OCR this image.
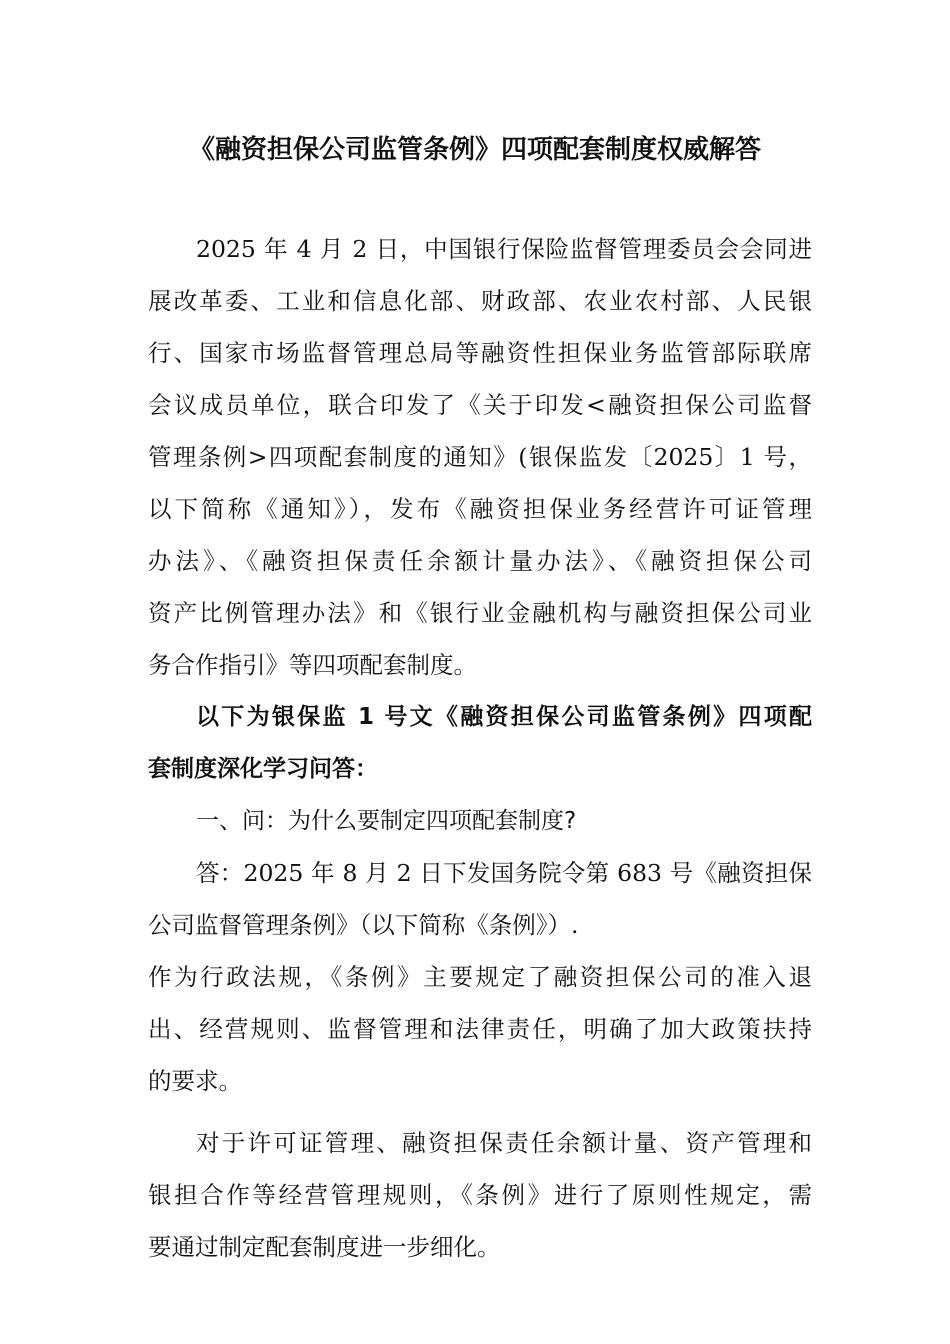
《融资担保公司监管条例》四项配套制度权威解答
2025 年 4 月 2 日，中国银行保险监督管理委员会会同进
展改革委、工业和信息化部、财政部、农业农村部、人民银
行、国家市场监督管理总局等融资性担保业务监管部际联席
会议成员单位，联合印发了《关于印发<融资担保公司监督
管理条例>四项配套制度的通知》(银保监发〔2025〕1 号，
以下简称《通知》），发布《融资担保业务经营许可证管理
办法》、《融资担保责任余额计量办法》、《融资担保公司
资产比例管理办法》和《银行业金融机构与融资担保公司业
务合作指引》等四项配套制度。
以下为银保监 1 号文《融资担保公司监管条例》四项配
套制度深化学习问答：
一、问：为什么要制定四项配套制度?
答：2025 年 8 月 2 日下发国务院令第 683 号《融资担保
公司监督管理条例》（以下简称《条例》）.
作为行政法规，《条例》主要规定了融资担保公司的准入退
出、经营规则、监督管理和法律责任，明确了加大政策扶持
的要求。
对于许可证管理、融资担保责任余额计量、资产管理和
银担合作等经营管理规则，《条例》进行了原则性规定，需
要通过制定配套制度进一步细化。
